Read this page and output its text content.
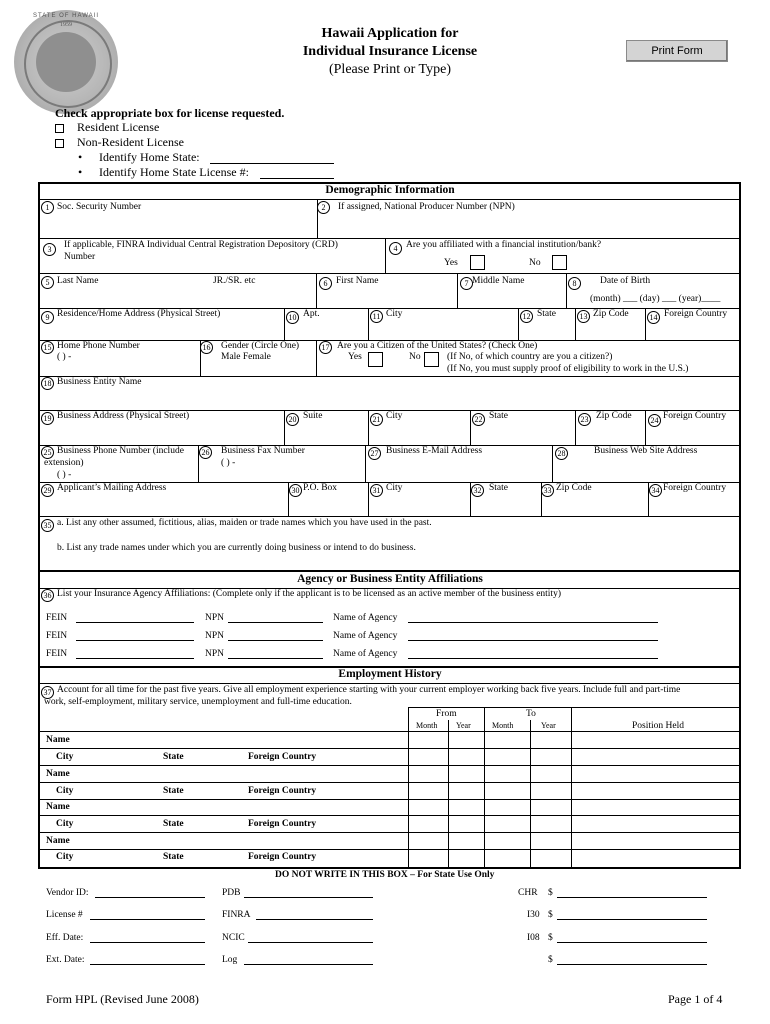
STATE OF HAWAII
1959
Hawaii Application for
Individual Insurance License
(Please Print or Type)
Print Form
Check appropriate box for license requested.
Resident License
Non-Resident License
• Identify Home State:
• Identify Home State License #:
Demographic Information
1 Soc. Security Number	2	If assigned, National Producer Number (NPN)
3	If applicable, FINRA Individual Central Registration Depository (CRD)
Number
4 Are you affiliated with a financial institution/bank?
Yes	No
5 Last Name	JR./SR. etc	6 First Name	7 Middle Name	8	Date of Birth
(month) ___ (day) ___ (year)____
9 Residence/Home Address (Physical Street)	10 Apt.	11 City	12 State	13 Zip Code	14 Foreign Country
15 Home Phone Number
( ) -
16 Gender (Circle One)
Male Female
17 Are you a Citizen of the United States? (Check One)
Yes	No	(If No, of which country are you a citizen?)
(If No, you must supply proof of eligibility to work in the U.S.)
18 Business Entity Name
19 Business Address (Physical Street)	20 Suite	21 City	22 State	23 Zip Code	24 Foreign Country
25 Business Phone Number (include
extension)
( ) -
26 Business Fax Number
( ) -
27 Business E-Mail Address	28	Business Web Site Address
29 Applicant’s Mailing Address	30 P.O. Box	31 City	32 State	33 Zip Code	34 Foreign Country
35 a. List any other assumed, fictitious, alias, maiden or trade names which you have used in the past.
b. List any trade names under which you are currently doing business or intend to do business.
Agency or Business Entity Affiliations
36 List your Insurance Agency Affiliations: (Complete only if the applicant is to be licensed as an active member of the business entity)
FEIN	NPN	Name of Agency
FEIN	NPN	Name of Agency
FEIN	NPN	Name of Agency
Employment History
37 Account for all time for the past five years. Give all employment experience starting with your current employer working back five years. Include full and part-time
work, self-employment, military service, unemployment and full-time education.
From	To
Month Year	Month	Year	Position Held
Name
City	State	Foreign Country
Name
City	State	Foreign Country
Name
City	State	Foreign Country
Name
City	State	Foreign Country
DO NOT WRITE IN THIS BOX – For State Use Only
Vendor ID:	PDB	CHR $
License #	FINRA	I30 $
Eff. Date:	NCIC	I08 $
Ext. Date:	Log	$
Form HPL (Revised June 2008)	Page 1 of 4
